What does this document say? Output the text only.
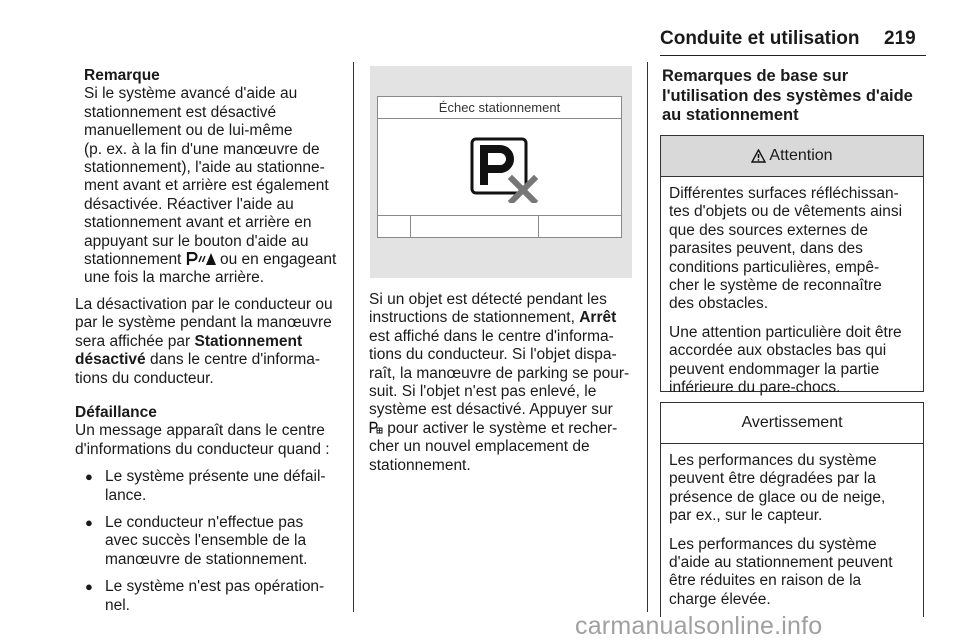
Conduite et utilisation 219

Remarque

Si le système avancé d'aide au

stationnement est désactivé

manuellement ou de lui-même

(p. ex. à la fin d'une manœuvre de

stationnement), l'aide au stationne-

ment avant et arrière est également

désactivée. Réactiver l'aide au

stationnement avant et arrière en

appuyant sur le bouton d'aide au

stationnement  ou en engageant

une fois la marche arrière.

La désactivation par le conducteur ou

par le système pendant la manœuvre

sera affichée par Stationnement

désactivé dans le centre d'informa-

tions du conducteur.

Défaillance

Un message apparaît dans le centre

d'informations du conducteur quand :

● Le système présente une défail-
lance.
● Le conducteur n'effectue pas
avec succès l'ensemble de la
manœuvre de stationnement.
● Le système n'est pas opération-
nel.
Échec stationnement

Si un objet est détecté pendant les

instructions de stationnement, Arrêt

est affiché dans le centre d'informa-

tions du conducteur. Si l'objet dispa-

raît, la manœuvre de parking se pour-

suit. Si l'objet n'est pas enlevé, le

système est désactivé. Appuyer sur

pour activer le système et recher-

cher un nouvel emplacement de

stationnement.

Remarques de base sur

l'utilisation des systèmes d'aide

au stationnement

Attention

Différentes surfaces réfléchissan-
tes d'objets ou de vêtements ainsi
que des sources externes de
parasites peuvent, dans des
conditions particulières, empê-
cher le système de reconnaître
des obstacles.

Une attention particulière doit être
accordée aux obstacles bas qui
peuvent endommager la partie
inférieure du pare-chocs.

Avertissement

Les performances du système
peuvent être dégradées par la
présence de glace ou de neige,
par ex., sur le capteur.

Les performances du système
d'aide au stationnement peuvent
être réduites en raison de la
charge élevée.

carmanualsonline.info
